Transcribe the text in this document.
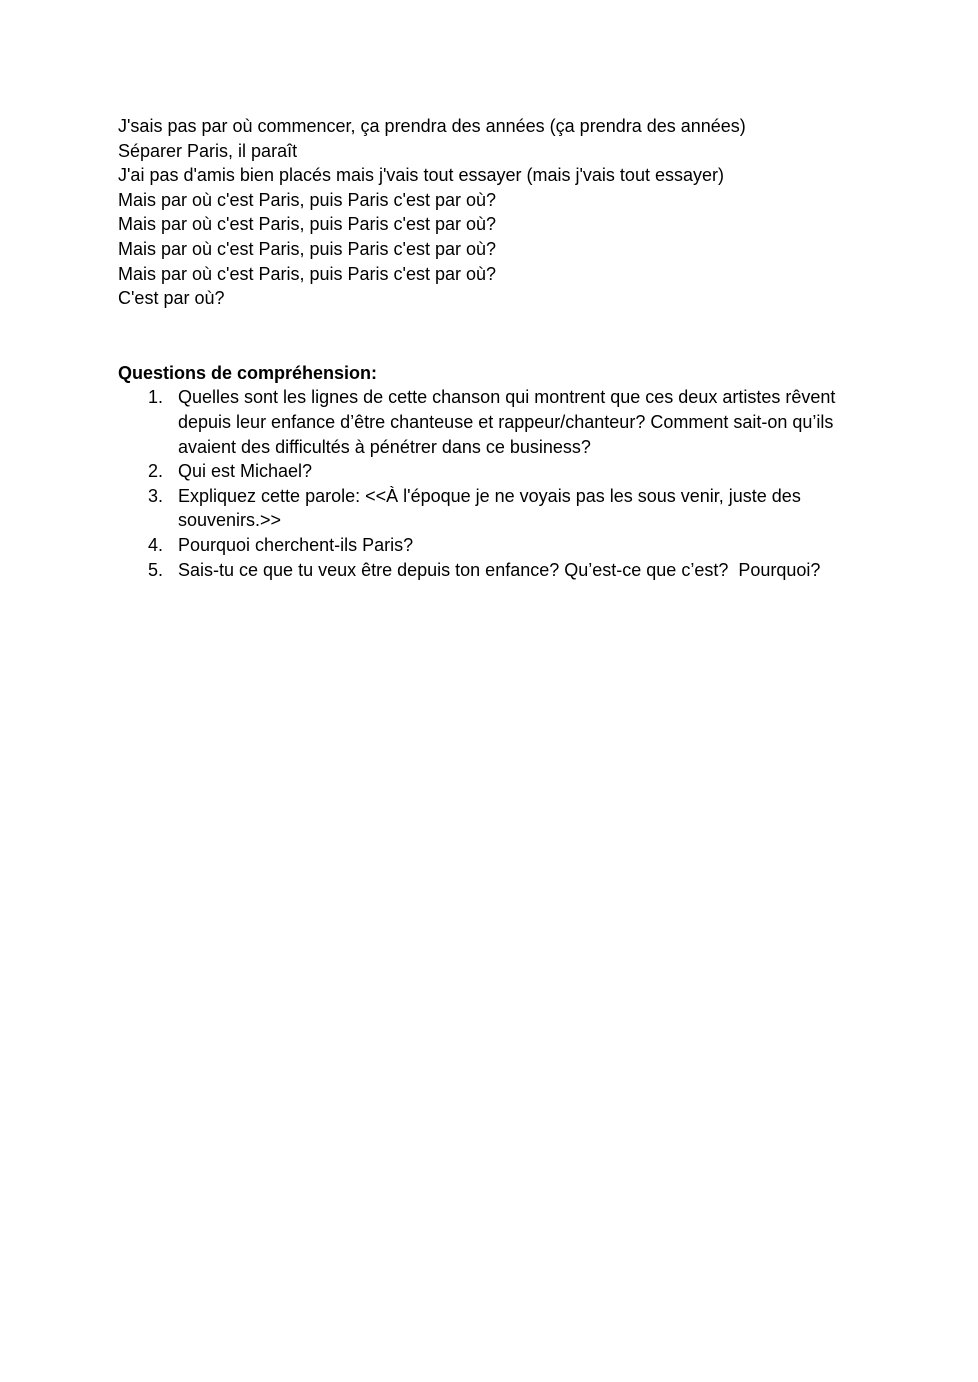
J'sais pas par où commencer, ça prendra des années (ça prendra des années)

Séparer Paris, il paraît

J'ai pas d'amis bien placés mais j'vais tout essayer (mais j'vais tout essayer)

Mais par où c'est Paris, puis Paris c'est par où?

Mais par où c'est Paris, puis Paris c'est par où?

Mais par où c'est Paris, puis Paris c'est par où?

Mais par où c'est Paris, puis Paris c'est par où?

C'est par où?

Questions de compréhension:
1. Quelles sont les lignes de cette chanson qui montrent que ces deux artistes rêvent depuis leur enfance d’être chanteuse et rappeur/chanteur? Comment sait-on qu’ils avaient des difficultés à pénétrer dans ce business?
2. Qui est Michael?
3. Expliquez cette parole: <<À l'époque je ne voyais pas les sous venir, juste des souvenirs.>>
4. Pourquoi cherchent-ils Paris?
5. Sais-tu ce que tu veux être depuis ton enfance? Qu’est-ce que c’est?  Pourquoi?
